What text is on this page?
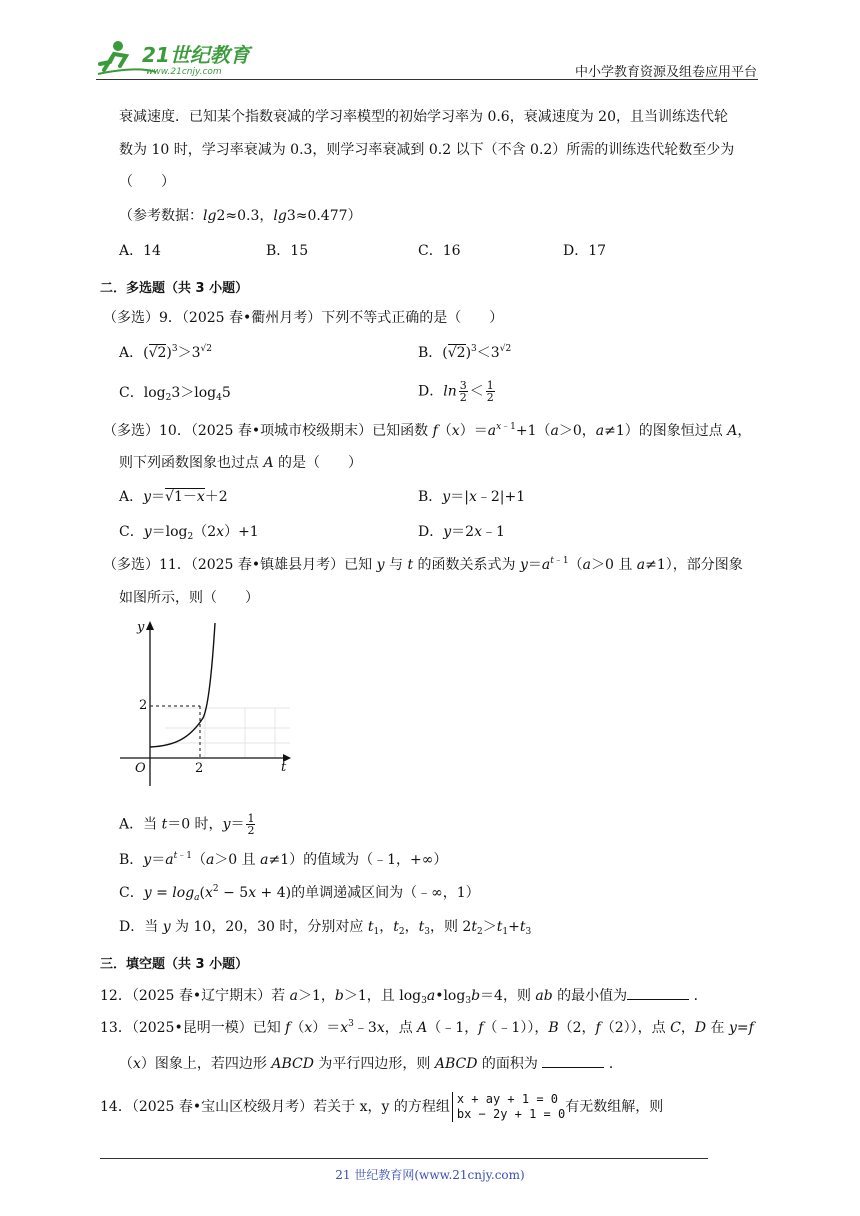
21世纪教育
www.21cnjy.com	中小学教育资源及组卷应用平台
衰减速度．已知某个指数衰减的学习率模型的初始学习率为 0.6，衰减速度为 20，且当训练迭代轮
数为 10 时，学习率衰减为 0.3，则学习率衰减到 0.2 以下（不含 0.2）所需的训练迭代轮数至少为
（　　）
（参考数据：lg2≈0.3，lg3≈0.477）
A．14	B．15	C．16	D．17
二．多选题（共 3 小题）
（多选）9．（2025 春•衢州月考）下列不等式正确的是（　　）
A．$(√2)^3>3^{√2}$	B．$(√2)^3<3^{√2}$
C．$\log_23>\log_45$	D．$\ln \frac{3}{2} < \frac{1}{2}$
（多选）10．（2025 春•项城市校级期末）已知函数 $f(x)=a^{x﹣1}+1(a>0$，a≠1）的图象恒过点 A，
则下列函数图象也过点 A 的是（　　）
A．y＝√1－x＋2	B．y＝|x﹣2|+1
C．$y=\log_2(2x)+1$	D．y＝2x﹣1
（多选）11．（2025 春•镇雄县月考）已知 y 与 t 的函数关系式为 $y=a^{t﹣1}(a>0$ 且 a≠1），部分图象
如图所示，则（　　）
y
t
O
2
2
A．当 t＝0 时，$y= \frac{1}{2}$
B．$y=a^{t﹣1}(a>0$ 且 a≠1）的值域为（﹣1，+∞）
C．$y = \log_a(x^2 - 5x + 4)$的单调递减区间为（﹣∞，1）
D．当 y 为 10，20，30 时，分别对应 $t_1$，$t_2$，$t_3$，则 $2t_2>t_1+t_3$
三．填空题（共 3 小题）
12．（2025 春•辽宁期末）若 a＞1，b＞1，且 $\log_3a•\log_3b=4$，则 ab 的最小值为	．
13．（2025•昆明一模）已知 $f(x)=x^3﹣3x$，点 A（﹣1，f（﹣1）），B（2，f（2）），点 C，D 在 y=f
（x）图象上，若四边形 ABCD 为平行四边形，则 ABCD 的面积为	．
14．（2025 春•宝山区校级月考）若关于 x，y 的方程组 x + ay + 1 = 0
bx − 2y + 1 = 0 有无数组解，则
21 世纪教育网(www.21cnjy.com)
